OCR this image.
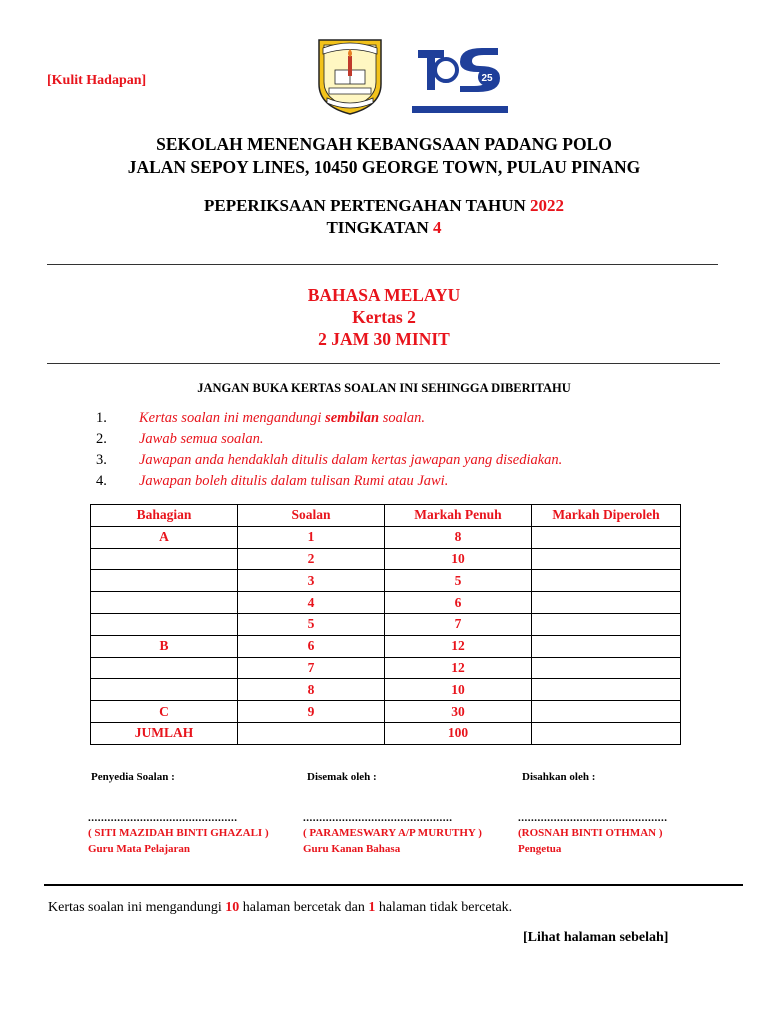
[Kulit Hadapan]	25
SEKOLAH MENENGAH KEBANGSAAN PADANG POLO
JALAN SEPOY LINES, 10450 GEORGE TOWN, PULAU PINANG
PEPERIKSAAN PERTENGAHAN TAHUN 2022
TINGKATAN 4
BAHASA MELAYU
Kertas 2
2 JAM 30 MINIT
JANGAN BUKA KERTAS SOALAN INI SEHINGGA DIBERITAHU
1. Kertas soalan ini mengandungi sembilan soalan.
2. Jawab semua soalan.
3. Jawapan anda hendaklah ditulis dalam kertas jawapan yang disediakan.
4. Jawapan boleh ditulis dalam tulisan Rumi atau Jawi.
Bahagian	Soalan	Markah Penuh	Markah Diperoleh
A	1	8	
	2	10	
	3	5	
	4	6	
	5	7	
B	6	12	
	7	12	
	8	10	
C	9	30	
JUMLAH		100	
Penyedia Soalan :	Disemak oleh :	Disahkan oleh :
..............................................	..............................................	..............................................
( SITI MAZIDAH BINTI GHAZALI )	( PARAMESWARY A/P MURUTHY )	(ROSNAH BINTI OTHMAN )
Guru Mata Pelajaran	Guru Kanan Bahasa	Pengetua
Kertas soalan ini mengandungi 10 halaman bercetak dan 1 halaman tidak bercetak.
[Lihat halaman sebelah]
